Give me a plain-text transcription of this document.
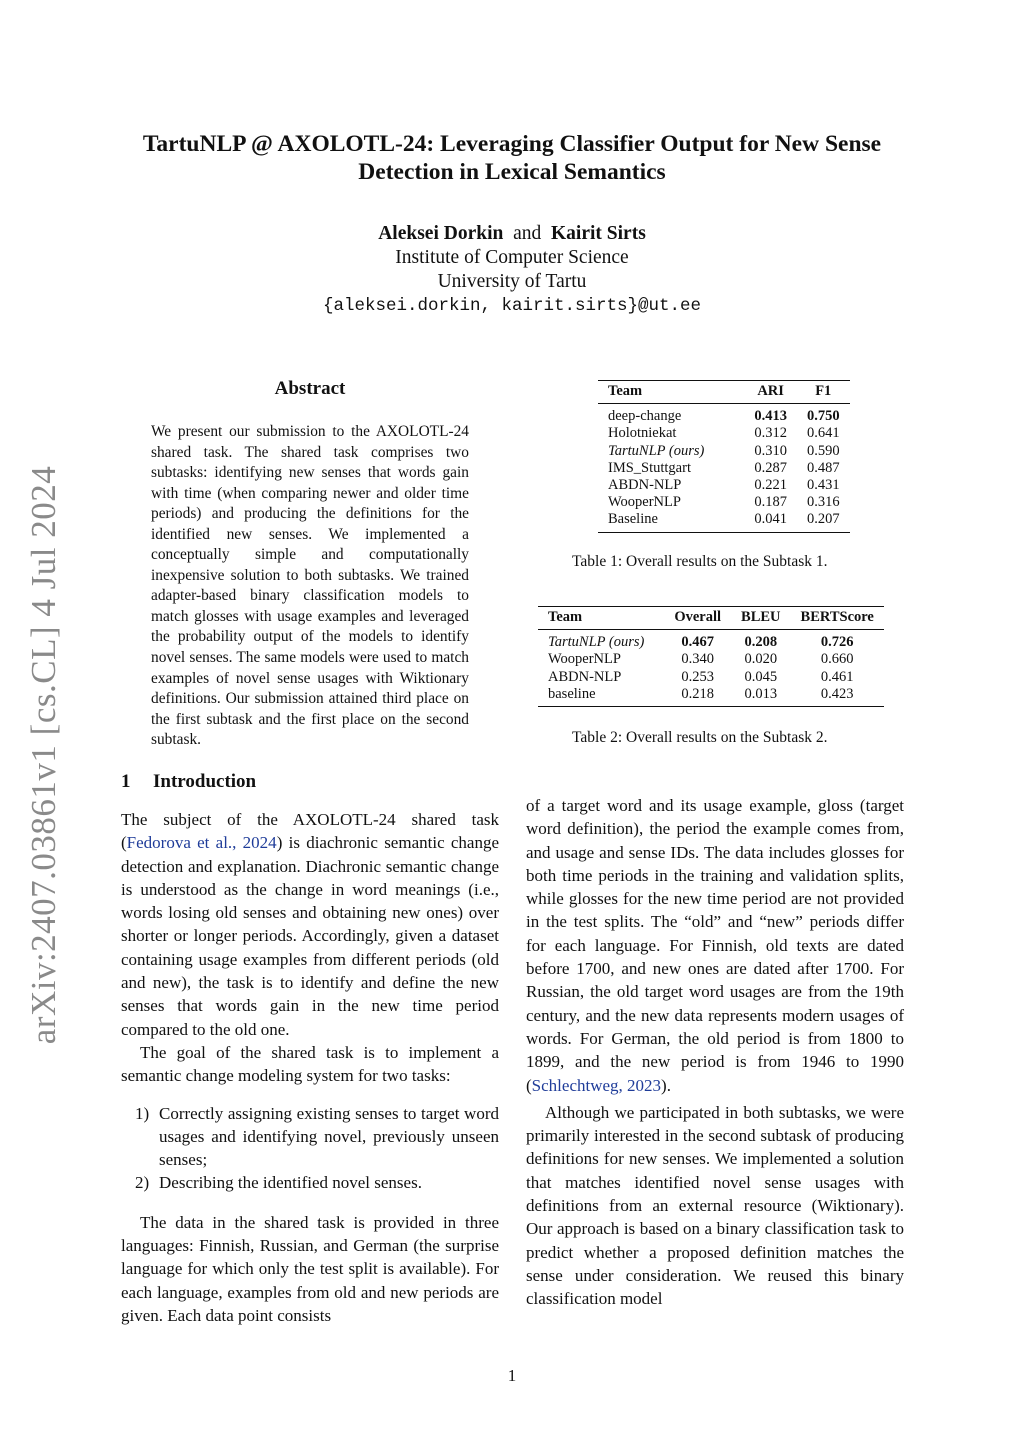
arXiv:2407.03861v1 [cs.CL] 4 Jul 2024
TartuNLP @ AXOLOTL-24: Leveraging Classifier Output for New Sense
Detection in Lexical Semantics
Aleksei Dorkin and Kairit Sirts
Institute of Computer Science
University of Tartu
{aleksei.dorkin, kairit.sirts}@ut.ee
Abstract

We present our submission to the AXOLOTL-24 shared task. The shared task comprises two subtasks: identifying new senses that words gain with time (when comparing newer and older time periods) and producing the definitions for the identified new senses. We implemented a conceptually simple and computationally inexpensive solution to both subtasks. We trained adapter-based binary classification models to match glosses with usage examples and leveraged the probability output of the models to identify novel senses. The same models were used to match examples of novel sense usages with Wiktionary definitions. Our submission attained third place on the first subtask and the first place on the second subtask.

Team	ARI	F1
deep-change	0.413	0.750
Holotniekat	0.312	0.641
TartuNLP (ours)	0.310	0.590
IMS_Stuttgart	0.287	0.487
ABDN-NLP	0.221	0.431
WooperNLP	0.187	0.316
Baseline	0.041	0.207
Table 1: Overall results on the Subtask 1.
Team	Overall	BLEU	BERTScore
TartuNLP (ours)	0.467	0.208	0.726
WooperNLP	0.340	0.020	0.660
ABDN-NLP	0.253	0.045	0.461
baseline	0.218	0.013	0.423
Table 2: Overall results on the Subtask 2.
1 Introduction

The subject of the AXOLOTL-24 shared task (Fedorova et al., 2024) is diachronic semantic change detection and explanation. Diachronic semantic change is understood as the change in word meanings (i.e., words losing old senses and obtaining new ones) over shorter or longer periods. Accordingly, given a dataset containing usage examples from different periods (old and new), the task is to identify and define the new senses that words gain in the new time period compared to the old one.

The goal of the shared task is to implement a semantic change modeling system for two tasks:

1) Correctly assigning existing senses to target word usages and identifying novel, previously unseen senses;
2) Describing the identified novel senses.

The data in the shared task is provided in three languages: Finnish, Russian, and German (the surprise language for which only the test split is available). For each language, examples from old and new periods are given. Each data point consists

of a target word and its usage example, gloss (target word definition), the period the example comes from, and usage and sense IDs. The data includes glosses for both time periods in the training and validation splits, while glosses for the new time period are not provided in the test splits. The “old” and “new” periods differ for each language. For Finnish, old texts are dated before 1700, and new ones are dated after 1700. For Russian, the old target word usages are from the 19th century, and the new data represents modern usages of words. For German, the old period is from 1800 to 1899, and the new period is from 1946 to 1990 (Schlechtweg, 2023).

Although we participated in both subtasks, we were primarily interested in the second subtask of producing definitions for new senses. We implemented a solution that matches identified novel sense usages with definitions from an external resource (Wiktionary). Our approach is based on a binary classification task to predict whether a proposed definition matches the sense under consideration. We reused this binary classification model

1
